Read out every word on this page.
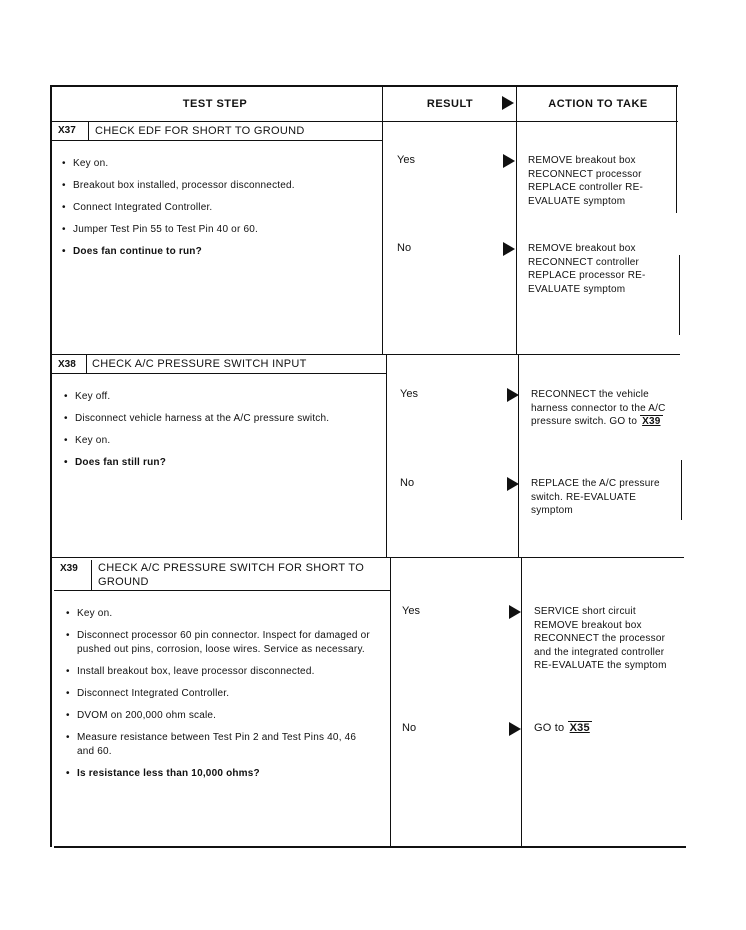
TEST STEP	RESULT	ACTION TO TAKE
X37 CHECK EDF FOR SHORT TO GROUND
• Key on.
• Breakout box installed, processor disconnected.
• Connect Integrated Controller.
• Jumper Test Pin 55 to Test Pin 40 or 60.
• Does fan continue to run?
Yes	REMOVE breakout box RECONNECT processor REPLACE controller RE-EVALUATE symptom
No	REMOVE breakout box RECONNECT controller REPLACE processor RE-EVALUATE symptom
X38 CHECK A/C PRESSURE SWITCH INPUT
• Key off.
• Disconnect vehicle harness at the A/C pressure switch.
• Key on.
• Does fan still run?
Yes	RECONNECT the vehicle harness connector to the A/C pressure switch. GO to X39
No	REPLACE the A/C pressure switch. RE-EVALUATE symptom
X39 CHECK A/C PRESSURE SWITCH FOR SHORT TO GROUND
• Key on.
• Disconnect processor 60 pin connector. Inspect for damaged or pushed out pins, corrosion, loose wires. Service as necessary.
• Install breakout box, leave processor disconnected.
• Disconnect Integrated Controller.
• DVOM on 200,000 ohm scale.
• Measure resistance between Test Pin 2 and Test Pins 40, 46 and 60.
• Is resistance less than 10,000 ohms?
Yes	SERVICE short circuit REMOVE breakout box RECONNECT the processor and the integrated controller RE-EVALUATE the symptom
No	GO to X35
